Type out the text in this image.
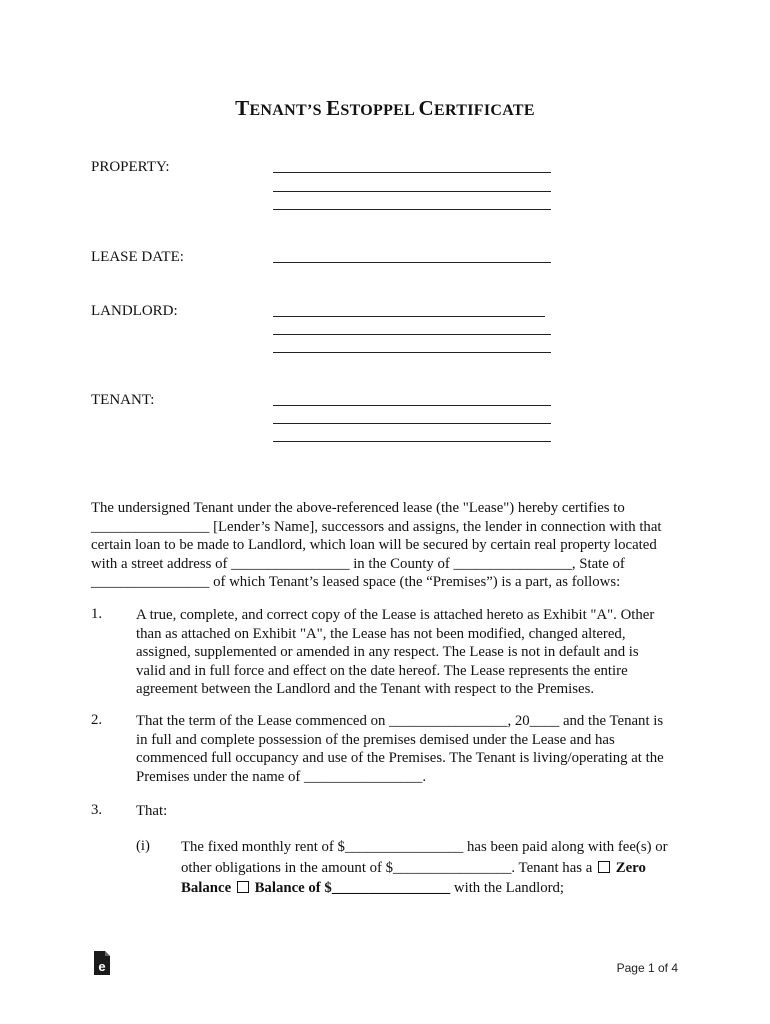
TENANT’S ESTOPPEL CERTIFICATE
PROPERTY:
LEASE DATE:
LANDLORD:
TENANT:
The undersigned Tenant under the above-referenced lease (the "Lease") hereby certifies to
________________ [Lender’s Name], successors and assigns, the lender in connection with that
certain loan to be made to Landlord, which loan will be secured by certain real property located
with a street address of ________________ in the County of ________________, State of
________________ of which Tenant’s leased space (the “Premises”) is a part, as follows:
1. A true, complete, and correct copy of the Lease is attached hereto as Exhibit "A". Other
than as attached on Exhibit "A", the Lease has not been modified, changed altered,
assigned, supplemented or amended in any respect. The Lease is not in default and is
valid and in full force and effect on the date hereof. The Lease represents the entire
agreement between the Landlord and the Tenant with respect to the Premises.
2. That the term of the Lease commenced on ________________, 20____ and the Tenant is
in full and complete possession of the premises demised under the Lease and has
commenced full occupancy and use of the Premises. The Tenant is living/operating at the
Premises under the name of ________________.
3. That:
(i) The fixed monthly rent of $________________ has been paid along with fee(s) or
other obligations in the amount of $________________. Tenant has a Zero
Balance Balance of $________________ with the Landlord;
e	Page 1 of 4
